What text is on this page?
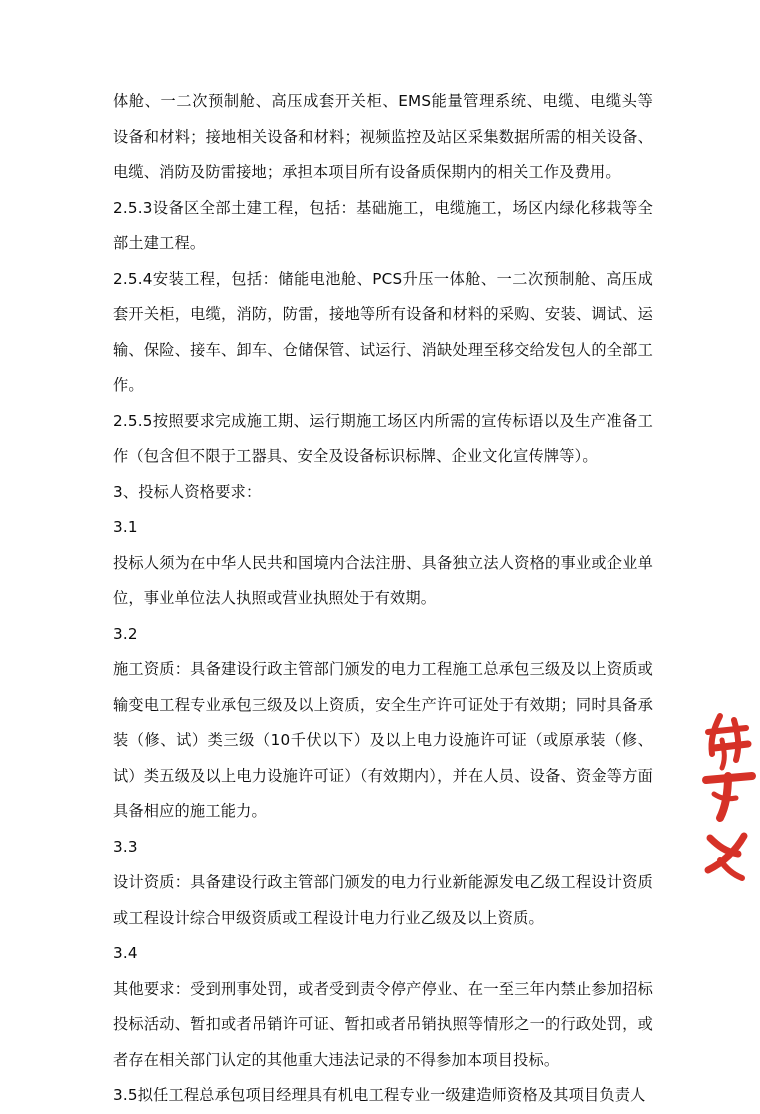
体舱、一二次预制舱、高压成套开关柜、EMS能量管理系统、电缆、电缆头等设备和材料；接地相关设备和材料；视频监控及站区采集数据所需的相关设备、电缆、消防及防雷接地；承担本项目所有设备质保期内的相关工作及费用。

2.5.3设备区全部土建工程，包括：基础施工，电缆施工，场区内绿化移栽等全部土建工程。

2.5.4安装工程，包括：储能电池舱、PCS升压一体舱、一二次预制舱、高压成套开关柜，电缆，消防，防雷，接地等所有设备和材料的采购、安装、调试、运输、保险、接车、卸车、仓储保管、试运行、消缺处理至移交给发包人的全部工作。

2.5.5按照要求完成施工期、运行期施工场区内所需的宣传标语以及生产准备工作（包含但不限于工器具、安全及设备标识标牌、企业文化宣传牌等）。

3、投标人资格要求：

3.1

投标人须为在中华人民共和国境内合法注册、具备独立法人资格的事业或企业单位，事业单位法人执照或营业执照处于有效期。

3.2

施工资质：具备建设行政主管部门颁发的电力工程施工总承包三级及以上资质或输变电工程专业承包三级及以上资质，安全生产许可证处于有效期；同时具备承装（修、试）类三级（10千伏以下）及以上电力设施许可证（或原承装（修、试）类五级及以上电力设施许可证）（有效期内），并在人员、设备、资金等方面具备相应的施工能力。

3.3

设计资质：具备建设行政主管部门颁发的电力行业新能源发电乙级工程设计资质或工程设计综合甲级资质或工程设计电力行业乙级及以上资质。

3.4

其他要求：受到刑事处罚，或者受到责令停产停业、在一至三年内禁止参加招标投标活动、暂扣或者吊销许可证、暂扣或者吊销执照等情形之一的行政处罚，或者存在相关部门认定的其他重大违法记录的不得参加本项目投标。

3.5拟任工程总承包项目经理具有机电工程专业一级建造师资格及其项目负责人
